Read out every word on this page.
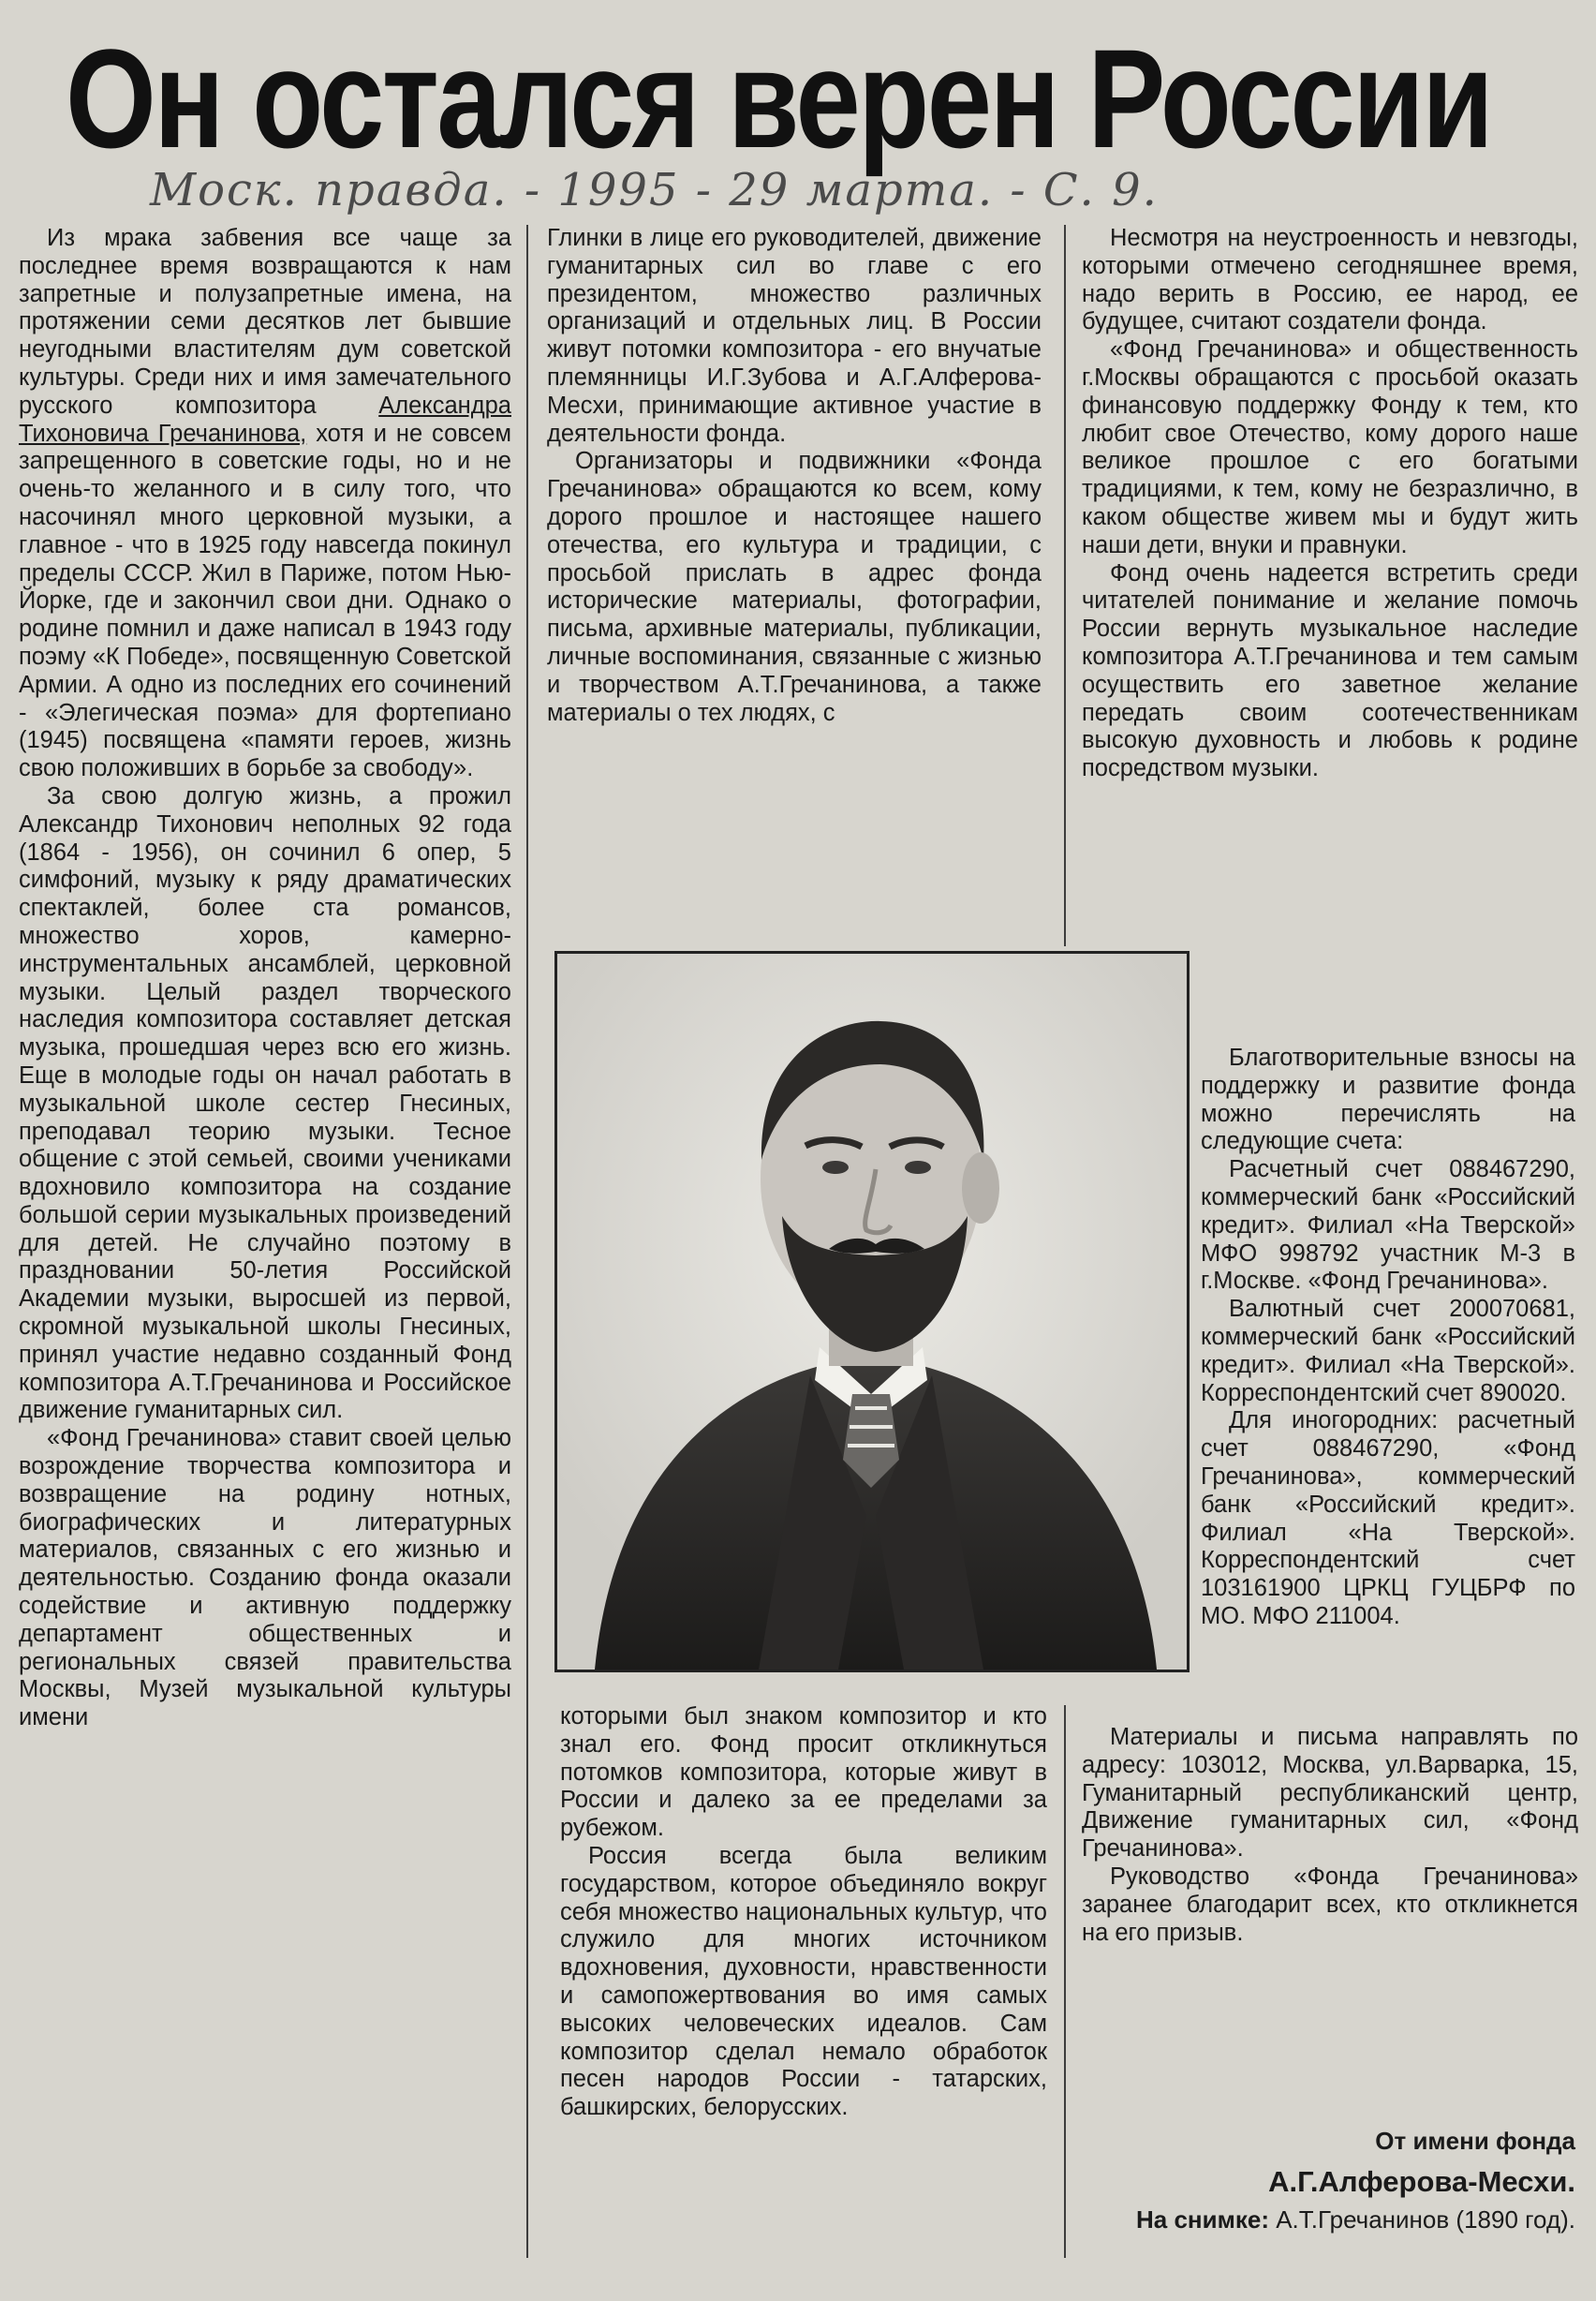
Он остался верен России
Моск. правда. - 1995 - 29 марта. - С. 9.

Из мрака забвения все чаще за последнее время возвращаются к нам запретные и полузапретные имена, на протяжении семи десятков лет бывшие неугодными властителям дум советской культуры. Среди них и имя замечательного русского композитора Александра Тихоновича Гречанинова, хотя и не совсем запрещенного в советские годы, но и не очень-то желанного и в силу того, что насочинял много церковной музыки, а главное - что в 1925 году навсегда покинул пределы СССР. Жил в Париже, потом Нью-Йорке, где и закончил свои дни. Однако о родине помнил и даже написал в 1943 году поэму «К Победе», посвященную Советской Армии. А одно из последних его сочинений - «Элегическая поэма» для фортепиано (1945) посвящена «памяти героев, жизнь свою положивших в борьбе за свободу».

За свою долгую жизнь, а прожил Александр Тихонович неполных 92 года (1864 - 1956), он сочинил 6 опер, 5 симфоний, музыку к ряду драматических спектаклей, более ста романсов, множество хоров, камерно-инструментальных ансамблей, церковной музыки. Целый раздел творческого наследия композитора составляет детская музыка, прошедшая через всю его жизнь. Еще в молодые годы он начал работать в музыкальной школе сестер Гнесиных, преподавал теорию музыки. Тесное общение с этой семьей, своими учениками вдохновило композитора на создание большой серии музыкальных произведений для детей. Не случайно поэтому в праздновании 50-летия Российской Академии музыки, выросшей из первой, скромной музыкальной школы Гнесиных, принял участие недавно созданный Фонд композитора А.Т.Гречанинова и Российское движение гуманитарных сил.

«Фонд Гречанинова» ставит своей целью возрождение творчества композитора и возвращение на родину нотных, биографических и литературных материалов, связанных с его жизнью и деятельностью. Созданию фонда оказали содействие и активную поддержку департамент общественных и региональных связей правительства Москвы, Музей музыкальной культуры имени

Глинки в лице его руководителей, движение гуманитарных сил во главе с его президентом, множество различных организаций и отдельных лиц. В России живут потомки композитора - его внучатые племянницы И.Г.Зубова и А.Г.Алферова-Месхи, принимающие активное участие в деятельности фонда.

Организаторы и подвижники «Фонда Гречанинова» обращаются ко всем, кому дорого прошлое и настоящее нашего отечества, его культура и традиции, с просьбой прислать в адрес фонда исторические материалы, фотографии, письма, архивные материалы, публикации, личные воспоминания, связанные с жизнью и творчеством А.Т.Гречанинова, а также материалы о тех людях, с

которыми был знаком композитор и кто знал его. Фонд просит откликнуться потомков композитора, которые живут в России и далеко за ее пределами за рубежом.

Россия всегда была великим государством, которое объединяло вокруг себя множество национальных культур, что служило для многих источником вдохновения, духовности, нравственности и самопожертвования во имя самых высоких человеческих идеалов. Сам композитор сделал немало обработок песен народов России - татарских, башкирских, белорусских.

Несмотря на неустроенность и невзгоды, которыми отмечено сегодняшнее время, надо верить в Россию, ее народ, ее будущее, считают создатели фонда.

«Фонд Гречанинова» и общественность г.Москвы обращаются с просьбой оказать финансовую поддержку Фонду к тем, кто любит свое Отечество, кому дорого наше великое прошлое с его богатыми традициями, к тем, кому не безразлично, в каком обществе живем мы и будут жить наши дети, внуки и правнуки.

Фонд очень надеется встретить среди читателей понимание и желание помочь России вернуть музыкальное наследие композитора А.Т.Гречанинова и тем самым осуществить его заветное желание передать своим соотечественникам высокую духовность и любовь к родине посредством музыки.

Благотворительные взносы на поддержку и развитие фонда можно перечислять на следующие счета:

Расчетный счет 088467290, коммерческий банк «Российский кредит». Филиал «На Тверской» МФО 998792 участник М-3 в г.Москве. «Фонд Гречанинова».

Валютный счет 200070681, коммерческий банк «Российский кредит». Филиал «На Тверской». Корреспондентский счет 890020.

Для иногородних: расчетный счет 088467290, «Фонд Гречанинова», коммерческий банк «Российский кредит». Филиал «На Тверской». Корреспондентский счет 103161900 ЦРКЦ ГУЦБРФ по МО. МФО 211004.

Материалы и письма направлять по адресу: 103012, Москва, ул.Варварка, 15, Гуманитарный республиканский центр, Движение гуманитарных сил, «Фонд Гречанинова».

Руководство «Фонда Гречанинова» заранее благодарит всех, кто откликнется на его призыв.

От имени фонда
А.Г.Алферова-Месхи.
На снимке: А.Т.Гречанинов (1890 год).
